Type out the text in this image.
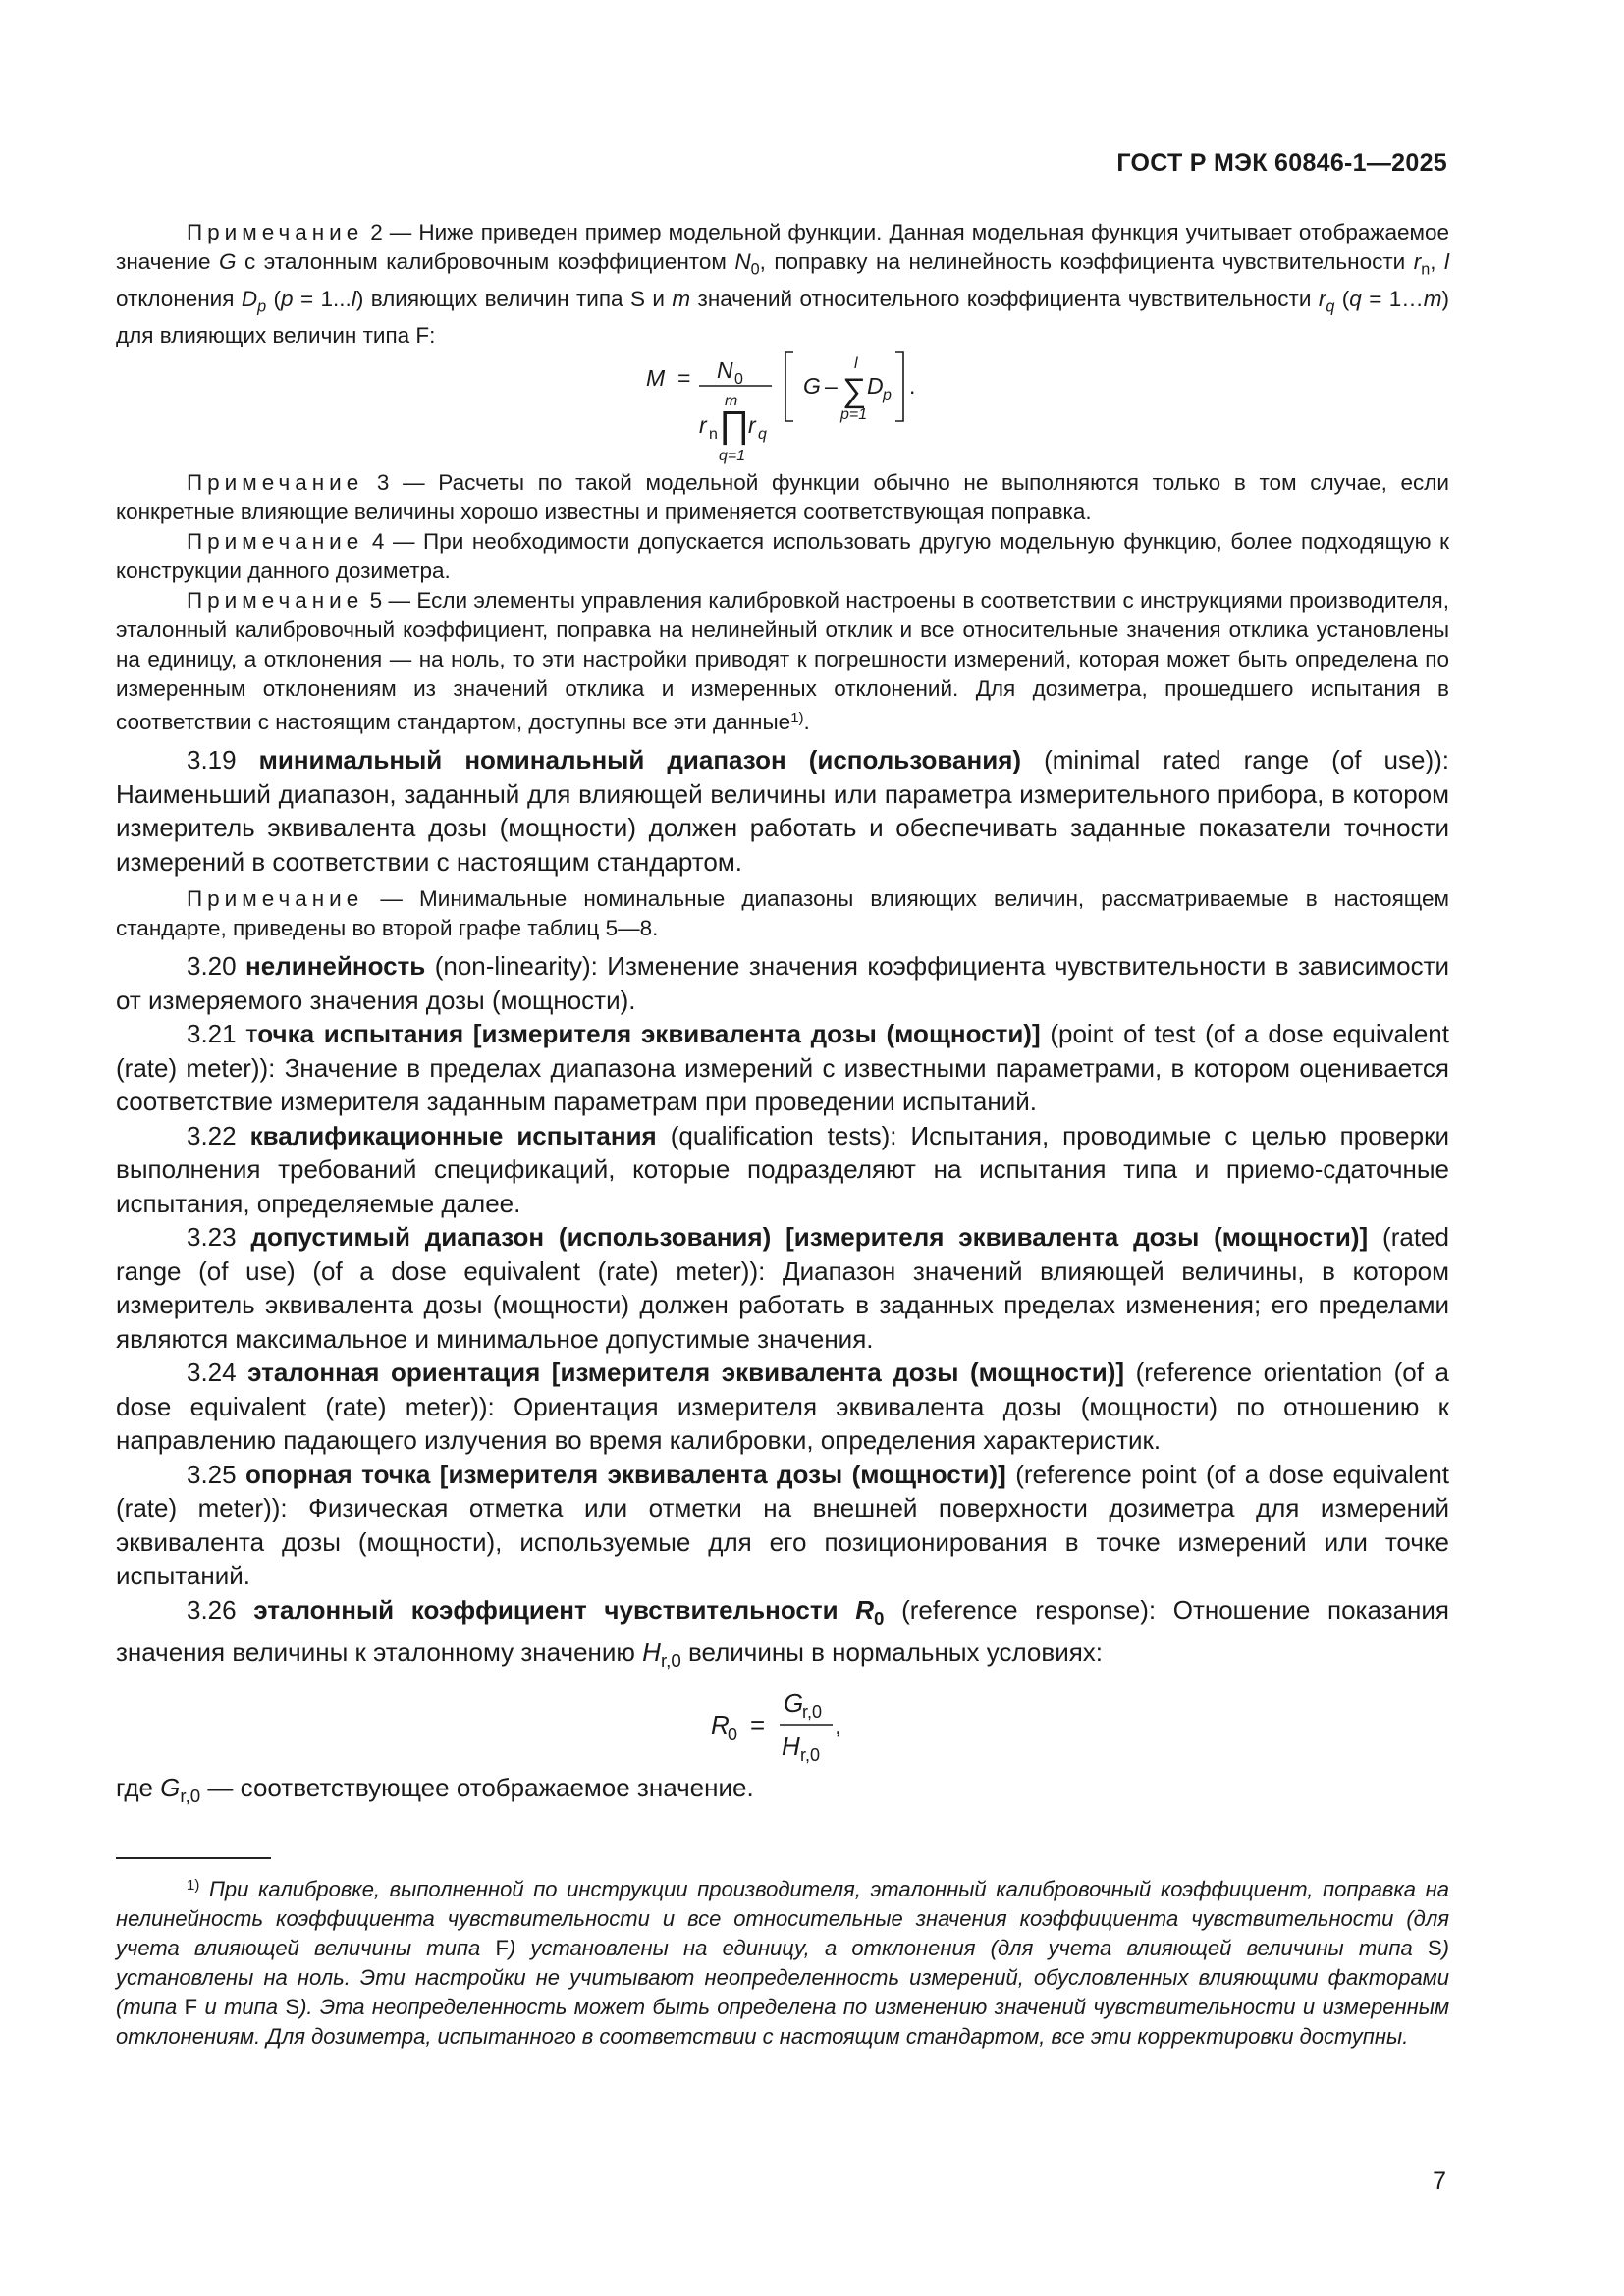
ГОСТ Р МЭК 60846-1—2025

Примечание 2 — Ниже приведен пример модельной функции. Данная модельная функция учитывает отображаемое значение G с эталонным калибровочным коэффициентом $N_0$, поправку на нелинейность коэффициента чувствительности $r_n$, l отклонения $D_p$ (p = 1...l) влияющих величин типа S и m значений относительного коэффициента чувствительности $r_q$ (q = 1…m) для влияющих величин типа F:

M = N 0
m
r n ∏
r q
q=1
G –
l
∑ D p
p=1
.

Примечание 3 — Расчеты по такой модельной функции обычно не выполняются только в том случае, если конкретные влияющие величины хорошо известны и применяется соответствующая поправка.

Примечание 4 — При необходимости допускается использовать другую модельную функцию, более подходящую к конструкции данного дозиметра.

Примечание 5 — Если элементы управления калибровкой настроены в соответствии с инструкциями производителя, эталонный калибровочный коэффициент, поправка на нелинейный отклик и все относительные значения отклика установлены на единицу, а отклонения — на ноль, то эти настройки приводят к погрешности измерений, которая может быть определена по измеренным отклонениям из значений отклика и измеренных отклонений. Для дозиметра, прошедшего испытания в соответствии с настоящим стандартом, доступны все эти данные$^{1)}$.

3.19 минимальный номинальный диапазон (использования) (minimal rated range (of use)): Наименьший диапазон, заданный для влияющей величины или параметра измерительного прибора, в котором измеритель эквивалента дозы (мощности) должен работать и обеспечивать заданные показатели точности измерений в соответствии с настоящим стандартом.

Примечание — Минимальные номинальные диапазоны влияющих величин, рассматриваемые в настоящем стандарте, приведены во второй графе таблиц 5—8.

3.20 нелинейность (non-linearity): Изменение значения коэффициента чувствительности в зависимости от измеряемого значения дозы (мощности).

3.21 точка испытания [измерителя эквивалента дозы (мощности)] (point of test (of a dose equivalent (rate) meter)): Значение в пределах диапазона измерений с известными параметрами, в котором оценивается соответствие измерителя заданным параметрам при проведении испытаний.

3.22 квалификационные испытания (qualification tests): Испытания, проводимые с целью проверки выполнения требований спецификаций, которые подразделяют на испытания типа и приемо-сдаточные испытания, определяемые далее.

3.23 допустимый диапазон (использования) [измерителя эквивалента дозы (мощности)] (rated range (of use) (of a dose equivalent (rate) meter)): Диапазон значений влияющей величины, в котором измеритель эквивалента дозы (мощности) должен работать в заданных пределах изменения; его пределами являются максимальное и минимальное допустимые значения.

3.24 эталонная ориентация [измерителя эквивалента дозы (мощности)] (reference orientation (of a dose equivalent (rate) meter)): Ориентация измерителя эквивалента дозы (мощности) по отношению к направлению падающего излучения во время калибровки, определения характеристик.

3.25 опорная точка [измерителя эквивалента дозы (мощности)] (reference point (of a dose equivalent (rate) meter)): Физическая отметка или отметки на внешней поверхности дозиметра для измерений эквивалента дозы (мощности), используемые для его позиционирования в точке измерений или точке испытаний.

3.26 эталонный коэффициент чувствительности $R_0$ (reference response): Отношение показания значения величины к эталонному значению $H_{r,0}$ величины в нормальных условиях:

R
0 =
G
r,0
H r,0
,

где $G_{r,0}$ — соответствующее отображаемое значение.

$^{1)}$ При калибровке, выполненной по инструкции производителя, эталонный калибровочный коэффициент, поправка на нелинейность коэффициента чувствительности и все относительные значения коэффициента чувствительности (для учета влияющей величины типа F) установлены на единицу, а отклонения (для учета влияющей величины типа S) установлены на ноль. Эти настройки не учитывают неопределенность измерений, обусловленных влияющими факторами (типа F и типа S). Эта неопределенность может быть определена по изменению значений чувствительности и измеренным отклонениям. Для дозиметра, испытанного в соответствии с настоящим стандартом, все эти корректировки доступны.

7
